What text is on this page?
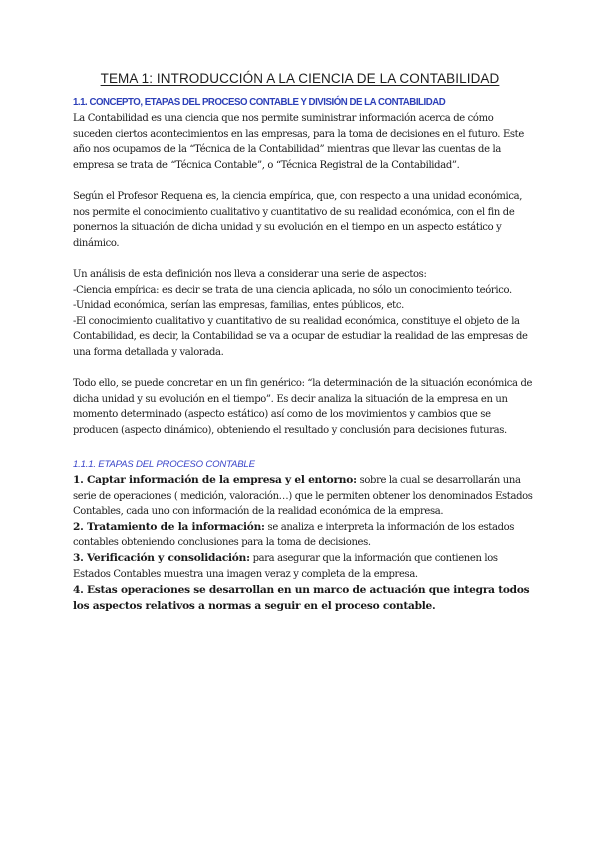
TEMA 1: INTRODUCCIÓN A LA CIENCIA DE LA CONTABILIDAD
1.1. CONCEPTO, ETAPAS DEL PROCESO CONTABLE Y DIVISIÓN DE LA CONTABILIDAD

La Contabilidad es una ciencia que nos permite suministrar información acerca de cómo suceden ciertos acontecimientos en las empresas, para la toma de decisiones en el futuro. Este año nos ocupamos de la “Técnica de la Contabilidad” mientras que llevar las cuentas de la empresa se trata de “Técnica Contable”, o “Técnica Registral de la Contabilidad”.

Según el Profesor Requena es, la ciencia empírica, que, con respecto a una unidad económica, nos permite el conocimiento cualitativo y cuantitativo de su realidad económica, con el fin de ponernos la situación de dicha unidad y su evolución en el tiempo en un aspecto estático y dinámico.

Un análisis de esta definición nos lleva a considerar una serie de aspectos:

-Ciencia empírica: es decir se trata de una ciencia aplicada, no sólo un conocimiento teórico.

-Unidad económica, serían las empresas, familias, entes públicos, etc.

-El conocimiento cualitativo y cuantitativo de su realidad económica, constituye el objeto de la Contabilidad, es decir, la Contabilidad se va a ocupar de estudiar la realidad de las empresas de una forma detallada y valorada.

Todo ello, se puede concretar en un fin genérico: “la determinación de la situación económica de dicha unidad y su evolución en el tiempo”. Es decir analiza la situación de la empresa en un momento determinado (aspecto estático) así como de los movimientos y cambios que se producen (aspecto dinámico), obteniendo el resultado y conclusión para decisiones futuras.

1.1.1. ETAPAS DEL PROCESO CONTABLE

1. Captar información de la empresa y el entorno: sobre la cual se desarrollarán una serie de operaciones ( medición, valoración…) que le permiten obtener los denominados Estados Contables, cada uno con información de la realidad económica de la empresa.

2. Tratamiento de la información: se analiza e interpreta la información de los estados contables obteniendo conclusiones para la toma de decisiones.

3. Verificación y consolidación: para asegurar que la información que contienen los Estados Contables muestra una imagen veraz y completa de la empresa.

4. Estas operaciones se desarrollan en un marco de actuación que integra todos los aspectos relativos a normas a seguir en el proceso contable.
